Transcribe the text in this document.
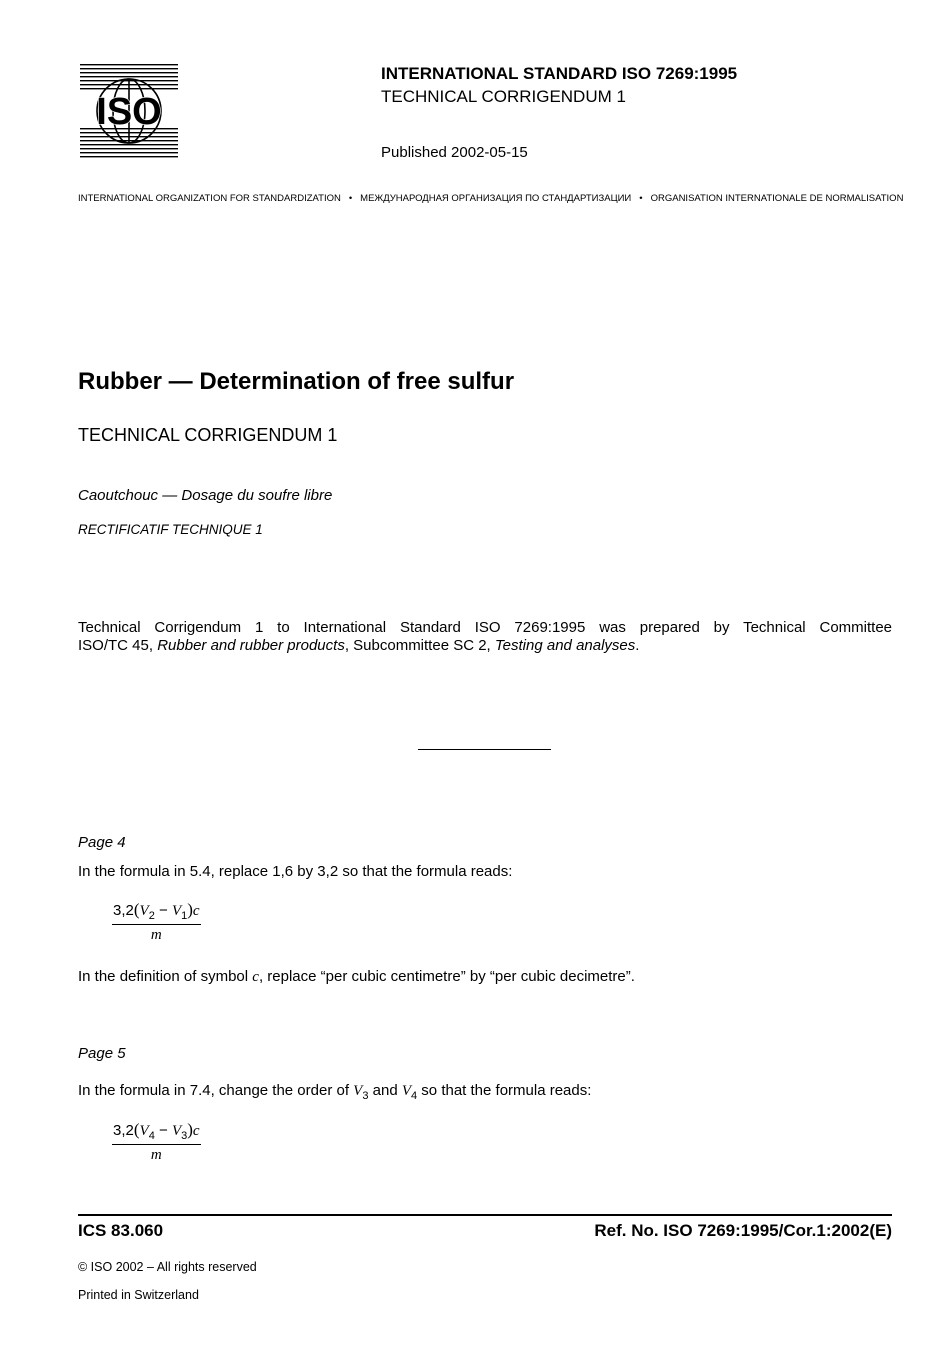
ISO
INTERNATIONAL STANDARD ISO 7269:1995
TECHNICAL CORRIGENDUM 1
Published 2002-05-15
INTERNATIONAL ORGANIZATION FOR STANDARDIZATION • МЕЖДУНАРОДНАЯ ОРГАНИЗАЦИЯ ПО СТАНДАРТИЗАЦИИ • ORGANISATION INTERNATIONALE DE NORMALISATION
Rubber — Determination of free sulfur
TECHNICAL CORRIGENDUM 1
Caoutchouc — Dosage du soufre libre
RECTIFICATIF TECHNIQUE 1
Technical Corrigendum 1 to International Standard ISO 7269:1995 was prepared by Technical Committee
ISO/TC 45, Rubber and rubber products, Subcommittee SC 2, Testing and analyses.
Page 4
In the formula in 5.4, replace 1,6 by 3,2 so that the formula reads:
$\frac{3,2(V_2 - V_1)c}{m}$
In the definition of symbol c, replace “per cubic centimetre” by “per cubic decimetre”.
Page 5
In the formula in 7.4, change the order of $V_3$ and $V_4$ so that the formula reads:
$\frac{3,2(V_4 - V_3)c}{m}$
ICS 83.060	Ref. No. ISO 7269:1995/Cor.1:2002(E)
© ISO 2002 – All rights reserved
Printed in Switzerland
